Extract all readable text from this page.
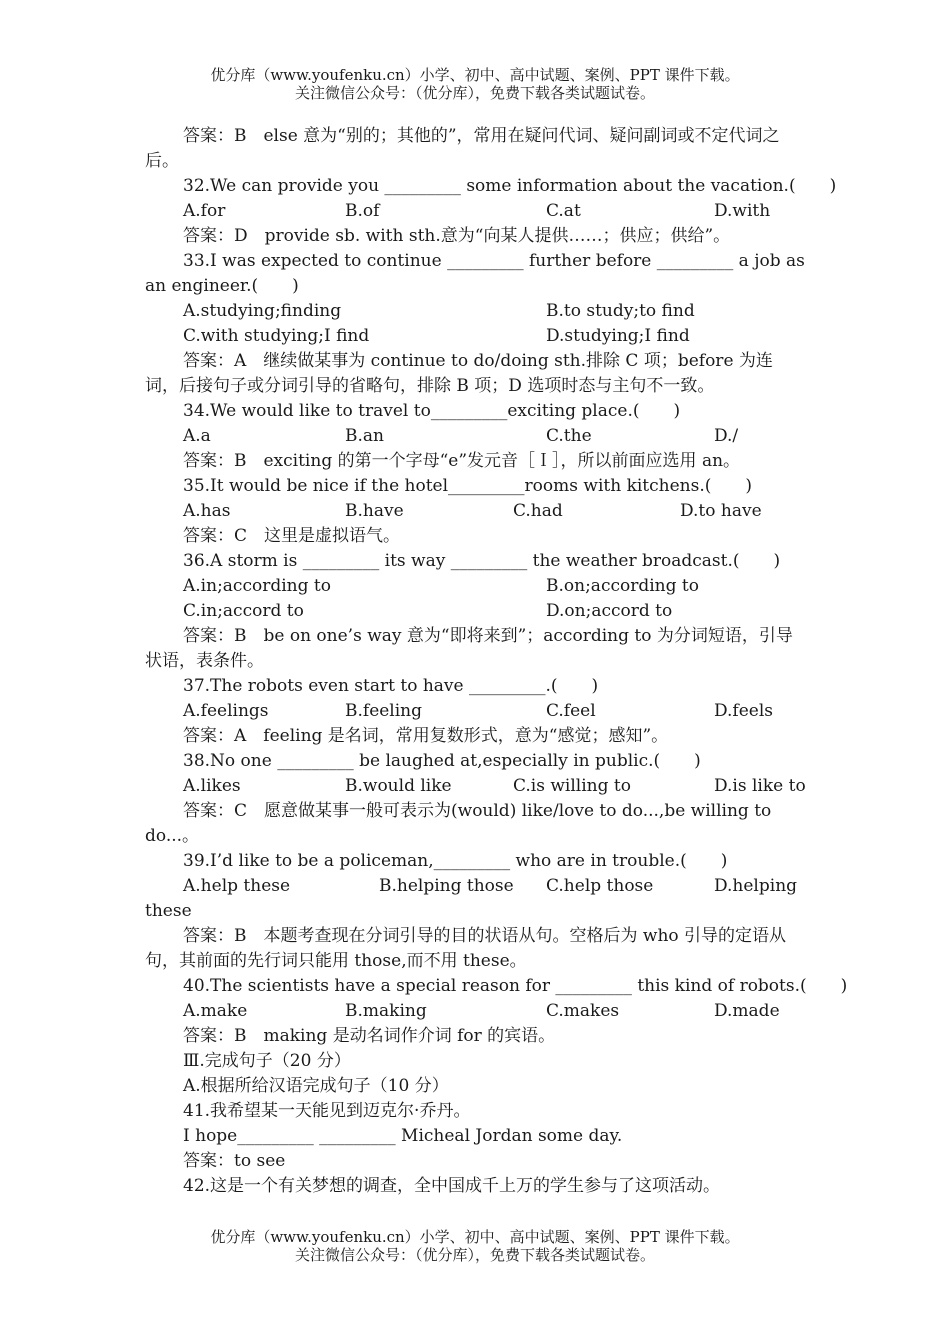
优分库（www.youfenku.cn）小学、初中、高中试题、案例、PPT 课件下载。
关注微信公众号：（优分库），免费下载各类试题试卷。
答案：B　else 意为“别的；其他的”，常用在疑问代词、疑问副词或不定代词之后。
32.We can provide you _________ some information about the vacation.(　　)
A.for	B.of	C.at	D.with
答案：D　provide sb. with sth.意为“向某人提供……；供应；供给”。
33.I was expected to continue _________ further before _________ a job as an engineer.(　　)
A.studying;finding	B.to study;to find
C.with studying;I find	D.studying;I find
答案：A　继续做某事为 continue to do/doing sth.排除 C 项；before 为连词，后接句子或分词引导的省略句，排除 B 项；D 选项时态与主句不一致。
34.We would like to travel to_________exciting place.(　　)
A.a	B.an	C.the	D./
答案：B　exciting 的第一个字母“e”发元音［Ｉ］，所以前面应选用 an。
35.It would be nice if the hotel_________rooms with kitchens.(　　)
A.has	B.have	C.had	D.to have
答案：C　这里是虚拟语气。
36.A storm is _________ its way _________ the weather broadcast.(　　)
A.in;according to	B.on;according to
C.in;accord to	D.on;accord to
答案：B　be on one’s way 意为“即将来到”；according to 为分词短语，引导状语，表条件。
37.The robots even start to have _________.(　　)
A.feelings	B.feeling	C.feel	D.feels
答案：A　feeling 是名词，常用复数形式，意为“感觉；感知”。
38.No one _________ be laughed at,especially in public.(　　)
A.likes	B.would like	C.is willing to	D.is like to
答案：C　愿意做某事一般可表示为(would) like/love to do...,be willing to do...。
39.I’d like to be a policeman,_________ who are in trouble.(　　)
A.help these	B.helping those C.help those	D.helping
these
答案：B　本题考查现在分词引导的目的状语从句。空格后为 who 引导的定语从句，其前面的先行词只能用 those,而不用 these。
40.The scientists have a special reason for _________ this kind of robots.(　　)
A.make	B.making	C.makes	D.made
答案：B　making 是动名词作介词 for 的宾语。
Ⅲ.完成句子（20 分）
A.根据所给汉语完成句子（10 分）
41.我希望某一天能见到迈克尔·乔丹。
I hope_________ _________ Micheal Jordan some day.
答案：to see
42.这是一个有关梦想的调查，全中国成千上万的学生参与了这项活动。
优分库（www.youfenku.cn）小学、初中、高中试题、案例、PPT 课件下载。
关注微信公众号：（优分库），免费下载各类试题试卷。
